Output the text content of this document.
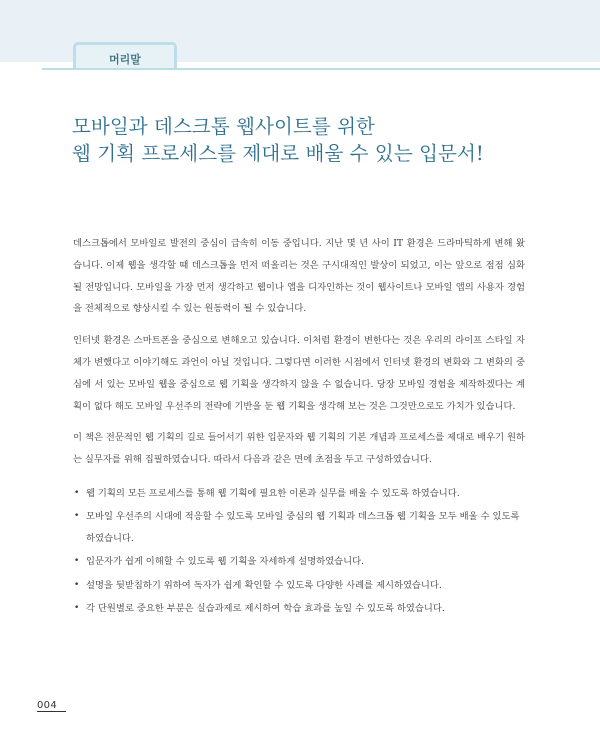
머리말
모바일과 데스크톱 웹사이트를 위한
웹 기획 프로세스를 제대로 배울 수 있는 입문서!

데스크톱에서 모바일로 발전의 중심이 급속히 이동 중입니다. 지난 몇 년 사이 IT 환경은 드라마틱하게 변해 왔습니다. 이제 웹을 생각할 때 데스크톱을 먼저 떠올리는 것은 구시대적인 발상이 되었고, 이는 앞으로 점점 심화될 전망입니다. 모바일을 가장 먼저 생각하고 웹이나 앱을 디자인하는 것이 웹사이트나 모바일 앱의 사용자 경험을 전체적으로 향상시킬 수 있는 원동력이 될 수 있습니다.

인터넷 환경은 스마트폰을 중심으로 변해오고 있습니다. 이처럼 환경이 변한다는 것은 우리의 라이프 스타일 자체가 변했다고 이야기해도 과언이 아닐 것입니다. 그렇다면 이러한 시점에서 인터넷 환경의 변화와 그 변화의 중심에 서 있는 모바일 웹을 중심으로 웹 기획을 생각하지 않을 수 없습니다. 당장 모바일 경험을 제작하겠다는 계획이 없다 해도 모바일 우선주의 전략에 기반을 둔 웹 기획을 생각해 보는 것은 그것만으로도 가치가 있습니다.

이 책은 전문적인 웹 기획의 길로 들어서기 위한 입문자와 웹 기획의 기본 개념과 프로세스를 제대로 배우기 원하는 실무자를 위해 집필하였습니다. 따라서 다음과 같은 면에 초점을 두고 구성하였습니다.

• 웹 기획의 모든 프로세스를 통해 웹 기획에 필요한 이론과 실무를 배울 수 있도록 하였습니다.
• 모바일 우선주의 시대에 적응할 수 있도록 모바일 중심의 웹 기획과 데스크톱 웹 기획을 모두 배울 수 있도록 하였습니다.
• 입문자가 쉽게 이해할 수 있도록 웹 기획을 자세하게 설명하였습니다.
• 설명을 뒷받침하기 위하여 독자가 쉽게 확인할 수 있도록 다양한 사례를 제시하였습니다.
• 각 단원별로 중요한 부분은 실습과제로 제시하여 학습 효과를 높일 수 있도록 하였습니다.
004
